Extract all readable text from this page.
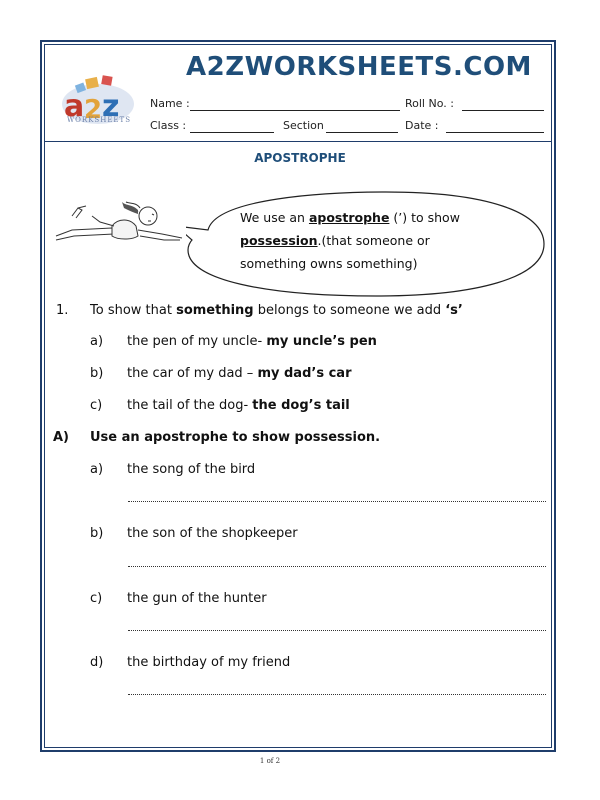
a 2 z
WORKSHEETS
A2ZWORKSHEETS.COM
Name :	Roll No. :
Class :	Section	Date :
APOSTROPHE
We use an apostrophe (’) to show
possession.(that someone or
something owns something)
1. To show that something belongs to someone we add ‘s’
a) the pen of my uncle- my uncle’s pen
b) the car of my dad – my dad’s car
c) the tail of the dog- the dog’s tail
A) Use an apostrophe to show possession.
a) the song of the bird
b) the son of the shopkeeper
c) the gun of the hunter
d) the birthday of my friend
1 of 2
